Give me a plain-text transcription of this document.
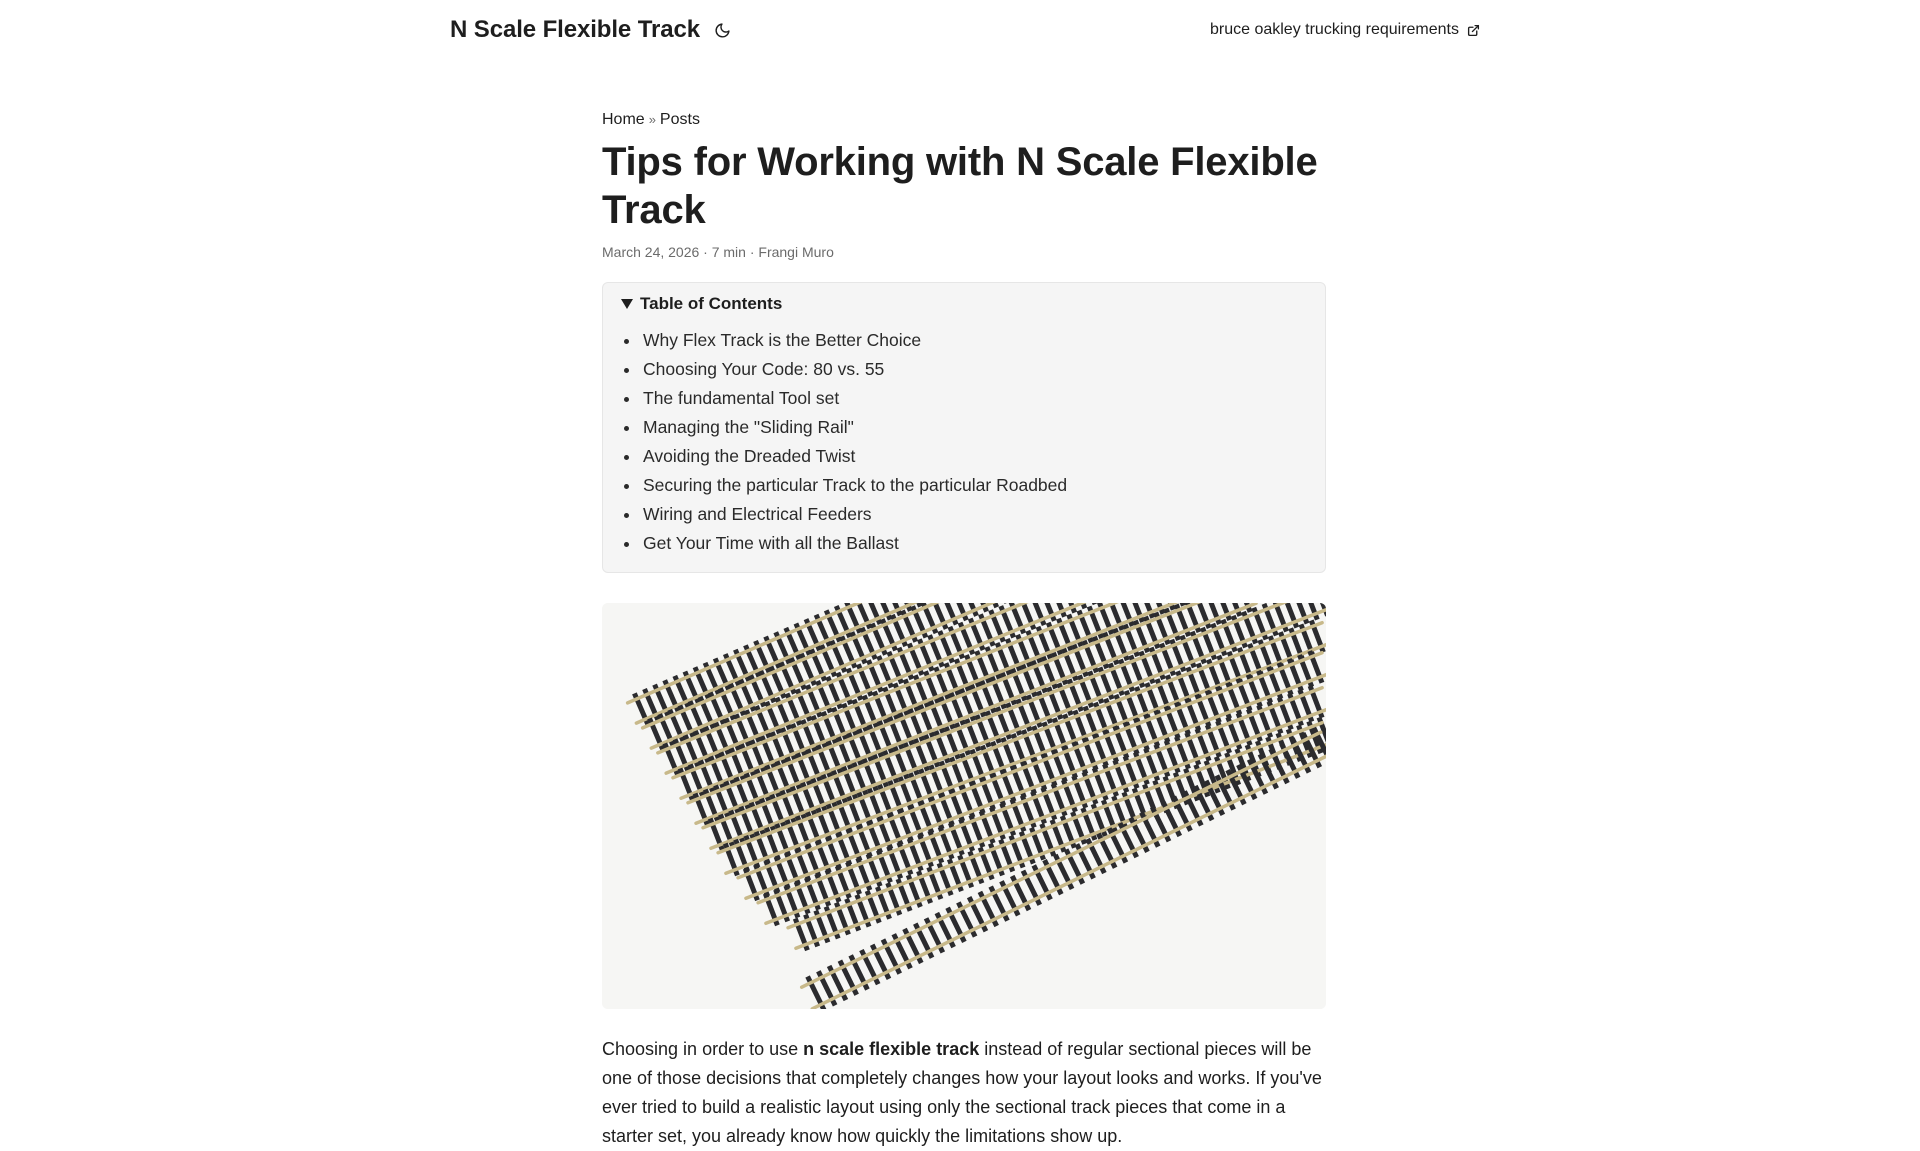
N Scale Flexible Track	bruce oakley trucking requirements
Home » Posts
Tips for Working with N Scale Flexible Track
March 24, 2026 · 7 min · Frangi Muro
Table of Contents
• Why Flex Track is the Better Choice
• Choosing Your Code: 80 vs. 55
• The fundamental Tool set
• Managing the "Sliding Rail"
• Avoiding the Dreaded Twist
• Securing the particular Track to the particular Roadbed
• Wiring and Electrical Feeders
• Get Your Time with all the Ballast

Choosing in order to use n scale flexible track instead of regular sectional pieces will be one of those decisions that completely changes how your layout looks and works. If you've ever tried to build a realistic layout using only the sectional track pieces that come in a starter set, you already know how quickly the limitations show up.
